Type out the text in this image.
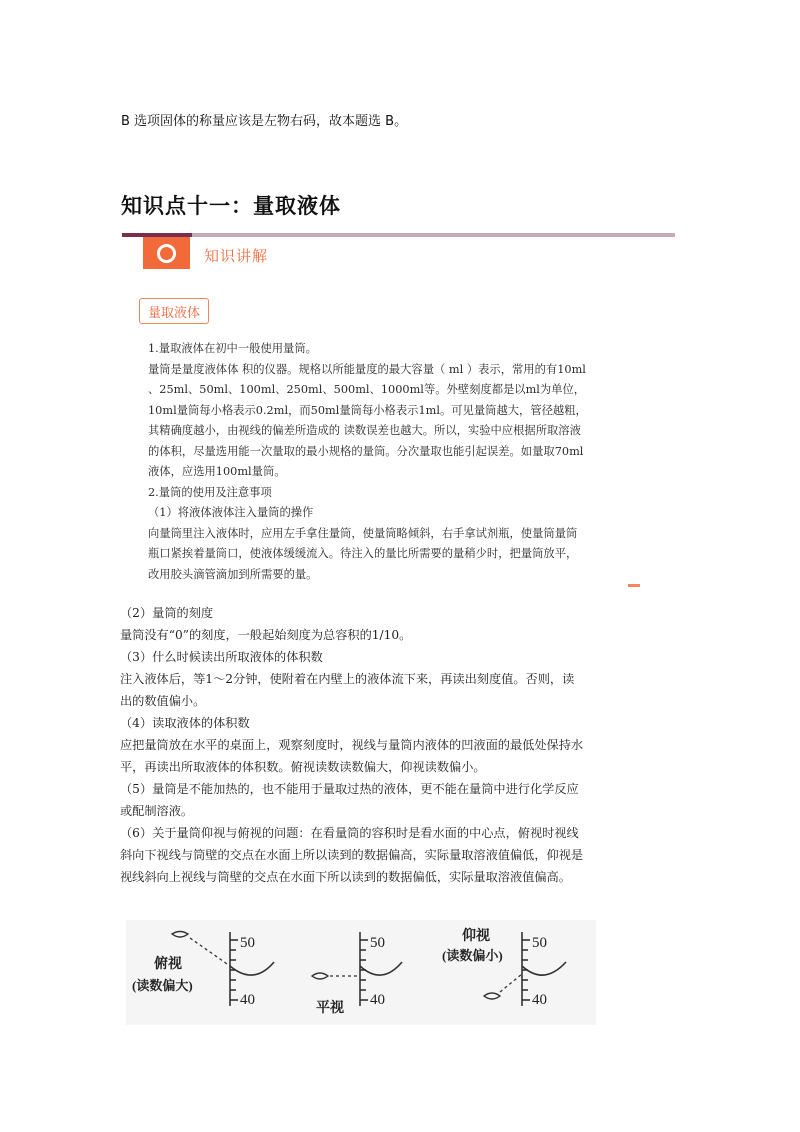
B 选项固体的称量应该是左物右码，故本题选 B。
知识点十一：量取液体
知识讲解
量取液体

1.量取液体在初中一般使用量筒。

量筒是量度液体体 积的仪器。规格以所能量度的最大容量（ ml ）表示，常用的有10ml

、25ml、50ml、100ml、250ml、500ml、1000ml等。外壁刻度都是以ml为单位，

10ml量筒每小格表示0.2ml，而50ml量筒每小格表示1ml。可见量筒越大，管径越粗，

其精确度越小，由视线的偏差所造成的 读数误差也越大。所以，实验中应根据所取溶液

的体积，尽量选用能一次量取的最小规格的量筒。分次量取也能引起误差。如量取70ml

液体，应选用100ml量筒。

2.量筒的使用及注意事项

（1）将液体液体注入量筒的操作

向量筒里注入液体时，应用左手拿住量筒，使量筒略倾斜，右手拿试剂瓶，使量筒量筒

瓶口紧挨着量筒口，使液体缓缓流入。待注入的量比所需要的量稍少时，把量筒放平，

改用胶头滴管滴加到所需要的量。

（2）量筒的刻度

量筒没有“0”的刻度，一般起始刻度为总容积的1/10。

（3）什么时候读出所取液体的体积数

注入液体后，等1～2分钟，使附着在内壁上的液体流下来，再读出刻度值。否则，读

出的数值偏小。

（4）读取液体的体积数

应把量筒放在水平的桌面上，观察刻度时，视线与量筒内液体的凹液面的最低处保持水

平，再读出所取液体的体积数。俯视读数读数偏大，仰视读数偏小。

（5）量筒是不能加热的，也不能用于量取过热的液体，更不能在量筒中进行化学反应

或配制溶液。

（6）关于量筒仰视与俯视的问题：在看量筒的容积时是看水面的中心点，俯视时视线

斜向下视线与筒壁的交点在水面上所以读到的数据偏高，实际量取溶液值偏低，仰视是

视线斜向上视线与筒壁的交点在水面下所以读到的数据偏低，实际量取溶液值偏高。

50
40
俯视
(读数偏大)
50
40
平视
50
40
仰视
(读数偏小)
